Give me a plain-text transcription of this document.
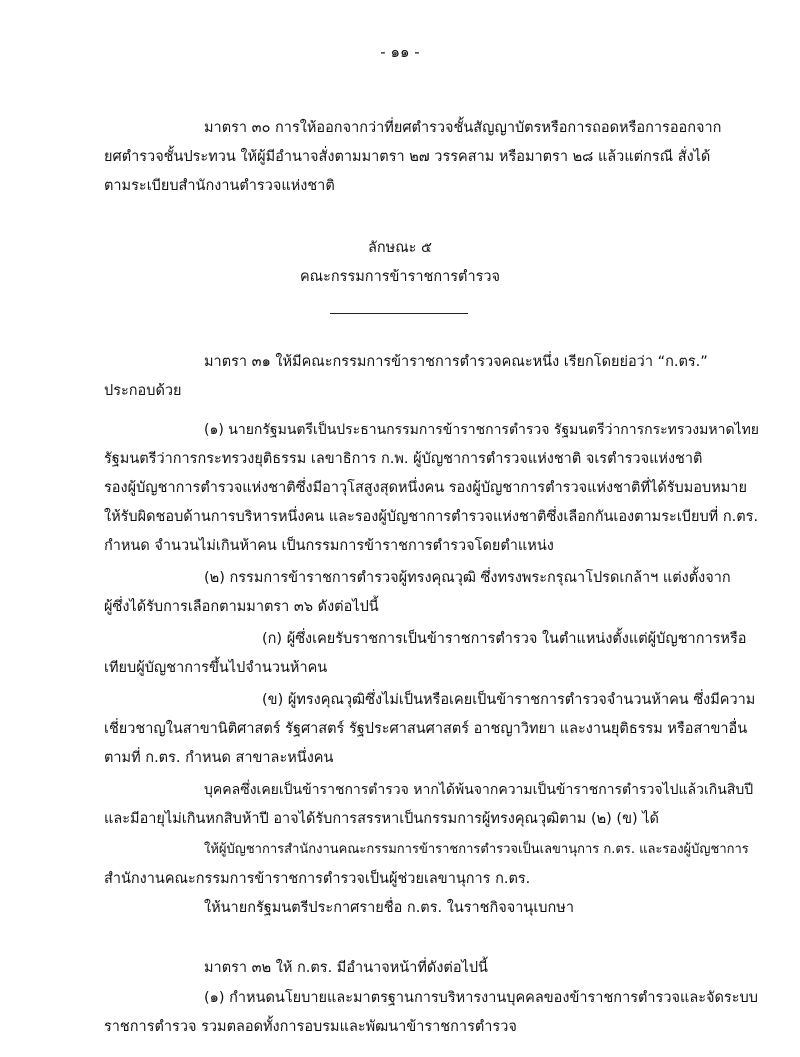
- ๑๑ -
มาตรา ๓๐ การให้ออกจากว่าที่ยศตำรวจชั้นสัญญาบัตรหรือการถอดหรือการออกจาก
ยศตำรวจชั้นประทวน ให้ผู้มีอำนาจสั่งตามมาตรา ๒๗ วรรคสาม หรือมาตรา ๒๘ แล้วแต่กรณี สั่งได้
ตามระเบียบสำนักงานตำรวจแห่งชาติ
ลักษณะ ๕
คณะกรรมการข้าราชการตำรวจ
มาตรา ๓๑ ให้มีคณะกรรมการข้าราชการตำรวจคณะหนึ่ง เรียกโดยย่อว่า “ก.ตร.”
ประกอบด้วย
(๑) นายกรัฐมนตรีเป็นประธานกรรมการข้าราชการตำรวจ รัฐมนตรีว่าการกระทรวงมหาดไทย
รัฐมนตรีว่าการกระทรวงยุติธรรม เลขาธิการ ก.พ. ผู้บัญชาการตำรวจแห่งชาติ จเรตำรวจแห่งชาติ
รองผู้บัญชาการตำรวจแห่งชาติซึ่งมีอาวุโสสูงสุดหนึ่งคน รองผู้บัญชาการตำรวจแห่งชาติที่ได้รับมอบหมาย
ให้รับผิดชอบด้านการบริหารหนึ่งคน และรองผู้บัญชาการตำรวจแห่งชาติซึ่งเลือกกันเองตามระเบียบที่ ก.ตร.
กำหนด จำนวนไม่เกินห้าคน เป็นกรรมการข้าราชการตำรวจโดยตำแหน่ง
(๒) กรรมการข้าราชการตำรวจผู้ทรงคุณวุฒิ ซึ่งทรงพระกรุณาโปรดเกล้าฯ แต่งตั้งจาก
ผู้ซึ่งได้รับการเลือกตามมาตรา ๓๖ ดังต่อไปนี้
(ก) ผู้ซึ่งเคยรับราชการเป็นข้าราชการตำรวจ ในตำแหน่งตั้งแต่ผู้บัญชาการหรือ
เทียบผู้บัญชาการขึ้นไปจำนวนห้าคน
(ข) ผู้ทรงคุณวุฒิซึ่งไม่เป็นหรือเคยเป็นข้าราชการตำรวจจำนวนห้าคน ซึ่งมีความ
เชี่ยวชาญในสาขานิติศาสตร์ รัฐศาสตร์ รัฐประศาสนศาสตร์ อาชญาวิทยา และงานยุติธรรม หรือสาขาอื่น
ตามที่ ก.ตร. กำหนด สาขาละหนึ่งคน
บุคคลซึ่งเคยเป็นข้าราชการตำรวจ หากได้พ้นจากความเป็นข้าราชการตำรวจไปแล้วเกินสิบปี
และมีอายุไม่เกินหกสิบห้าปี อาจได้รับการสรรหาเป็นกรรมการผู้ทรงคุณวุฒิตาม (๒) (ข) ได้
ให้ผู้บัญชาการสำนักงานคณะกรรมการข้าราชการตำรวจเป็นเลขานุการ ก.ตร. และรองผู้บัญชาการ
สำนักงานคณะกรรมการข้าราชการตำรวจเป็นผู้ช่วยเลขานุการ ก.ตร.
ให้นายกรัฐมนตรีประกาศรายชื่อ ก.ตร. ในราชกิจจานุเบกษา
มาตรา ๓๒ ให้ ก.ตร. มีอำนาจหน้าที่ดังต่อไปนี้
(๑) กำหนดนโยบายและมาตรฐานการบริหารงานบุคคลของข้าราชการตำรวจและจัดระบบ
ราชการตำรวจ รวมตลอดทั้งการอบรมและพัฒนาข้าราชการตำรวจ
